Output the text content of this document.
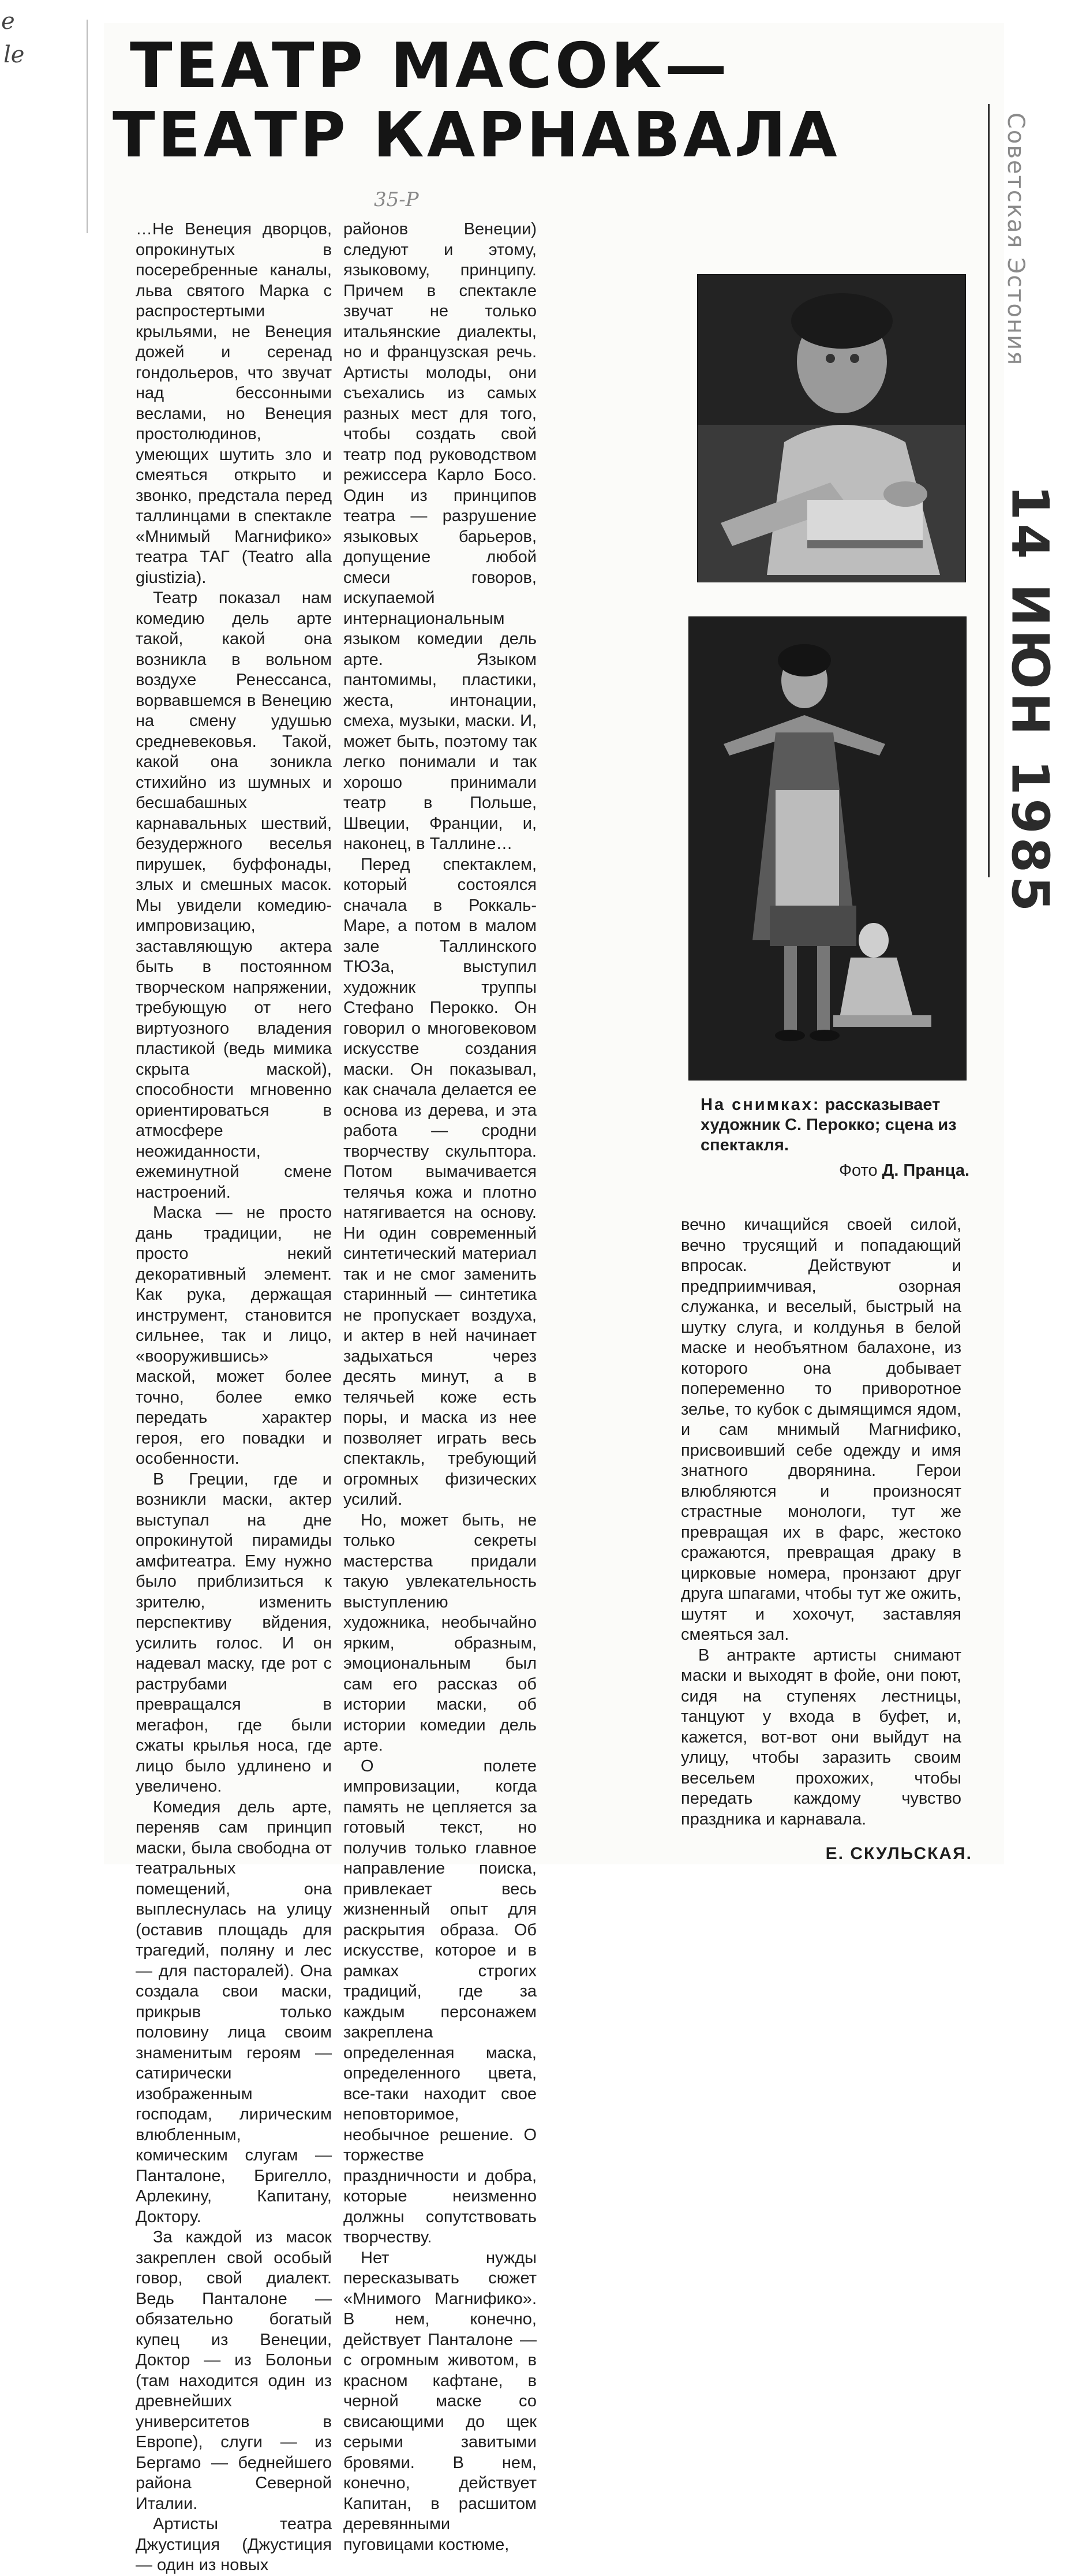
e
le ТЕАТР МАСОК—
ТЕАТР КАРНАВАЛА
35-Р	Советская Эстония
14 ИЮН 1985

…Не Венеция дворцов, опрокинутых в посеребренные каналы, льва святого Марка с распростертыми крыльями, не Венеция дожей и серенад гондольеров, что звучат над бессонными веслами, но Венеция простолюдинов, умеющих шутить зло и смеяться открыто и звонко, предстала перед таллинцами в спектакле «Мнимый Магнифико» театра ТАГ (Teatro alla giustizia).

Театр показал нам комедию дель арте такой, какой она возникла в вольном воздухе Ренессанса, ворвавшемся в Венецию на смену удушью средневековья. Такой, какой она зоникла стихийно из шумных и бесшабашных карнавальных шествий, безудержного веселья пирушек, буффонады, злых и смешных масок. Мы увидели комедию-импровизацию, заставляющую актера быть в постоянном творческом напряжении, требующую от него виртуозного владения пластикой (ведь мимика скрыта маской), способности мгновенно ориентироваться в атмосфере неожиданности, ежеминутной смене настроений.

Маска — не просто дань традиции, не просто некий декоративный элемент. Как рука, держащая инструмент, становится сильнее, так и лицо, «вооружившись» маской, может более точно, более емко передать характер героя, его повадки и особенности.

В Греции, где и возникли маски, актер выступал на дне опрокинутой пирамиды амфитеатра. Ему нужно было приблизиться к зрителю, изменить перспективу вйдения, усилить голос. И он надевал маску, где рот с раструбами превращался в мегафон, где были сжаты крылья носа, где лицо было удлинено и увеличено.

Комедия дель арте, переняв сам принцип маски, была свободна от театральных помещений, она выплеснулась на улицу (оставив площадь для трагедий, поляну и лес — для пасторалей). Она создала свои маски, прикрыв только половину лица своим знаменитым героям — сатирически изображенным господам, лирическим влюбленным, комическим слугам — Панталоне, Бригелло, Арлекину, Капитану, Доктору.

За каждой из масок закреплен свой особый говор, свой диалект. Ведь Панталоне — обязательно богатый купец из Венеции, Доктор — из Болоньи (там находится один из древнейших университетов в Европе), слуги — из Бергамо — беднейшего района Северной Италии.

Артисты театра Джустиция (Джустиция — один из новых

районов Венеции) следуют и этому, языковому, принципу. Причем в спектакле звучат не только итальянские диалекты, но и французская речь. Артисты молоды, они съехались из самых разных мест для того, чтобы создать свой театр под руководством режиссера Карло Босо. Один из принципов театра — разрушение языковых барьеров, допущение любой смеси говоров, искупаемой интернациональным языком комедии дель арте. Языком пантомимы, пластики, жеста, интонации, смеха, музыки, маски. И, может быть, поэтому так легко понимали и так хорошо принимали театр в Польше, Швеции, Франции, и, наконец, в Таллине…

Перед спектаклем, который состоялся сначала в Роккаль-Маре, а потом в малом зале Таллинского ТЮЗа, выступил художник труппы Стефано Перокко. Он говорил о многовековом искусстве создания маски. Он показывал, как сначала делается ее основа из дерева, и эта работа — сродни творчеству скульптора. Потом вымачивается телячья кожа и плотно натягивается на основу. Ни один современный синтетический материал так и не смог заменить старинный — синтетика не пропускает воздуха, и актер в ней начинает задыхаться через десять минут, а в телячьей коже есть поры, и маска из нее позволяет играть весь спектакль, требующий огромных физических усилий.

Но, может быть, не только секреты мастерства придали такую увлекательность выступлению художника, необычайно ярким, образным, эмоциональным был сам его рассказ об истории маски, об истории комедии дель арте.

О полете импровизации, когда память не цепляется за готовый текст, но получив только главное направление поиска, привлекает весь жизненный опыт для раскрытия образа. Об искусстве, которое и в рамках строгих традиций, где за каждым персонажем закреплена определенная маска, определенного цвета, все-таки находит свое неповторимое, необычное решение. О торжестве праздничности и добра, которые неизменно должны сопутствовать творчеству.

Нет нужды пересказывать сюжет «Мнимого Магнифико». В нем, конечно, действует Панталоне — с огромным животом, в красном кафтане, в черной маске со свисающими до щек серыми завитыми бровями. В нем, конечно, действует Капитан, в расшитом деревянными пуговицами костюме,

На снимках: рассказывает художник С. Перокко; сцена из спектакля.
Фото Д. Пранца.

вечно кичащийся своей силой, вечно трусящий и попадающий впросак. Действуют и предприимчивая, озорная служанка, и веселый, быстрый на шутку слуга, и колдунья в белой маске и необъятном балахоне, из которого она добывает попеременно то приворотное зелье, то кубок с дымящимся ядом, и сам мнимый Магнифико, присвоивший себе одежду и имя знатного дворянина. Герои влюбляются и произносят страстные монологи, тут же превращая их в фарс, жестоко сражаются, превращая драку в цирковые номера, пронзают друг друга шпагами, чтобы тут же ожить, шутят и хохочут, заставляя смеяться зал.

В антракте артисты снимают маски и выходят в фойе, они поют, сидя на ступенях лестницы, танцуют у входа в буфет, и, кажется, вот-вот они выйдут на улицу, чтобы заразить своим весельем прохожих, чтобы передать каждому чувство праздника и карнавала.

Е. СКУЛЬСКАЯ.
